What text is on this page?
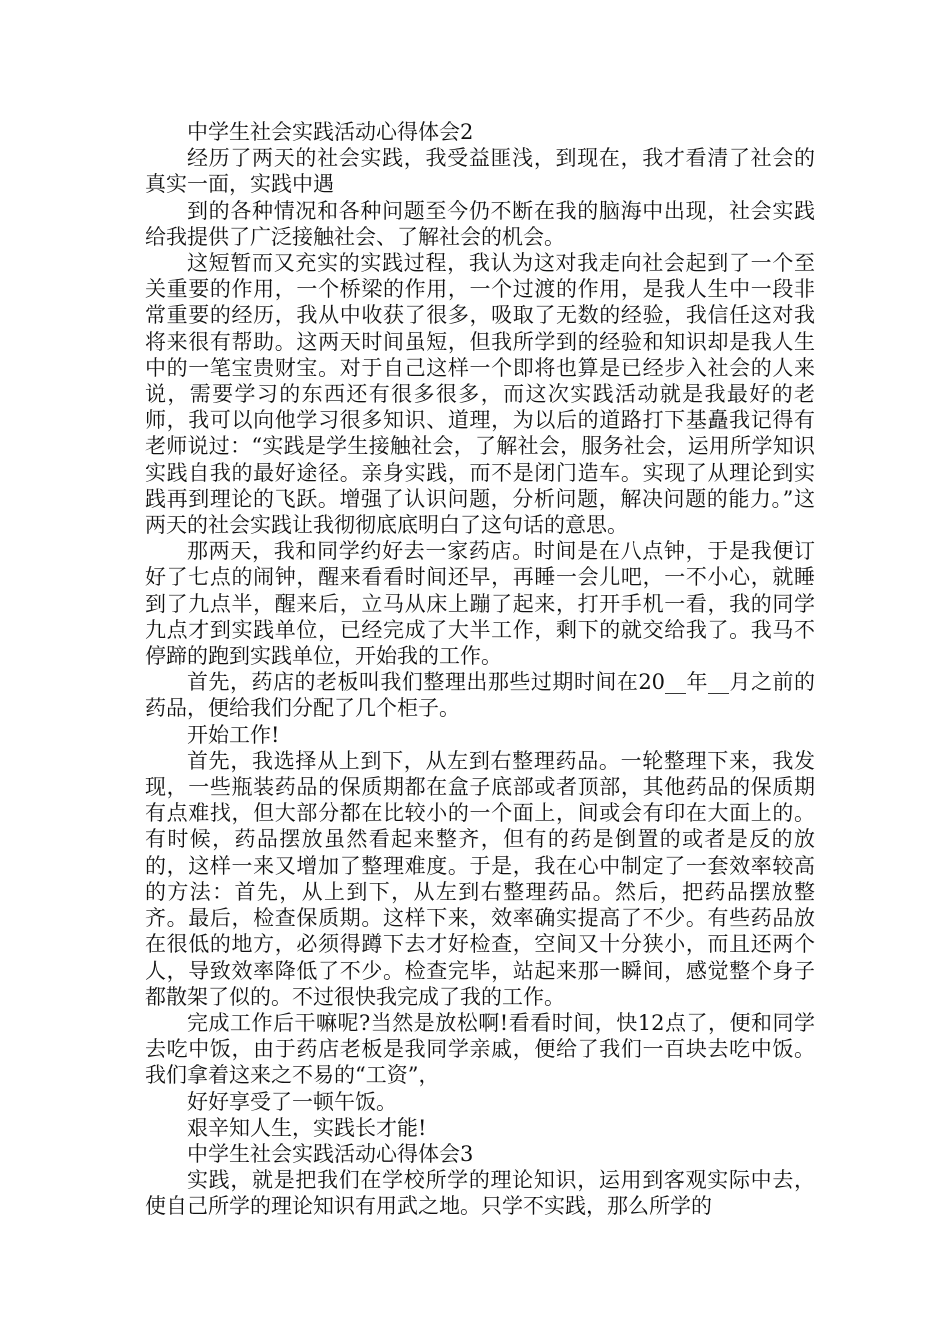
中学生社会实践活动心得体会2

经历了两天的社会实践，我受益匪浅，到现在，我才看清了社会的真实一面，实践中遇

到的各种情况和各种问题至今仍不断在我的脑海中出现，社会实践给我提供了广泛接触社会、了解社会的机会。

这短暂而又充实的实践过程，我认为这对我走向社会起到了一个至关重要的作用，一个桥梁的作用，一个过渡的作用，是我人生中一段非常重要的经历，我从中收获了很多，吸取了无数的经验，我信任这对我将来很有帮助。这两天时间虽短，但我所学到的经验和知识却是我人生中的一笔宝贵财宝。对于自己这样一个即将也算是已经步入社会的人来说，需要学习的东西还有很多很多，而这次实践活动就是我最好的老师，我可以向他学习很多知识、道理，为以后的道路打下基矗我记得有老师说过：“实践是学生接触社会，了解社会，服务社会，运用所学知识实践自我的最好途径。亲身实践，而不是闭门造车。实现了从理论到实践再到理论的飞跃。增强了认识问题，分析问题，解决问题的能力。”这两天的社会实践让我彻彻底底明白了这句话的意思。

那两天，我和同学约好去一家药店。时间是在八点钟，于是我便订好了七点的闹钟，醒来看看时间还早，再睡一会儿吧，一不小心，就睡到了九点半，醒来后，立马从床上蹦了起来，打开手机一看，我的同学九点才到实践单位，已经完成了大半工作，剩下的就交给我了。我马不停蹄的跑到实践单位，开始我的工作。

首先，药店的老板叫我们整理出那些过期时间在20__年__月之前的药品，便给我们分配了几个柜子。

开始工作!

首先，我选择从上到下，从左到右整理药品。一轮整理下来，我发现，一些瓶装药品的保质期都在盒子底部或者顶部，其他药品的保质期有点难找，但大部分都在比较小的一个面上，间或会有印在大面上的。有时候，药品摆放虽然看起来整齐，但有的药是倒置的或者是反的放的，这样一来又增加了整理难度。于是，我在心中制定了一套效率较高的方法：首先，从上到下，从左到右整理药品。然后，把药品摆放整齐。最后，检查保质期。这样下来，效率确实提高了不少。有些药品放在很低的地方，必须得蹲下去才好检查，空间又十分狭小，而且还两个人，导致效率降低了不少。检查完毕，站起来那一瞬间，感觉整个身子都散架了似的。不过很快我完成了我的工作。

完成工作后干嘛呢?当然是放松啊!看看时间，快12点了，便和同学去吃中饭，由于药店老板是我同学亲戚，便给了我们一百块去吃中饭。我们拿着这来之不易的“工资”，

好好享受了一顿午饭。

艰辛知人生，实践长才能!

中学生社会实践活动心得体会3

实践，就是把我们在学校所学的理论知识，运用到客观实际中去，使自己所学的理论知识有用武之地。只学不实践，那么所学的
